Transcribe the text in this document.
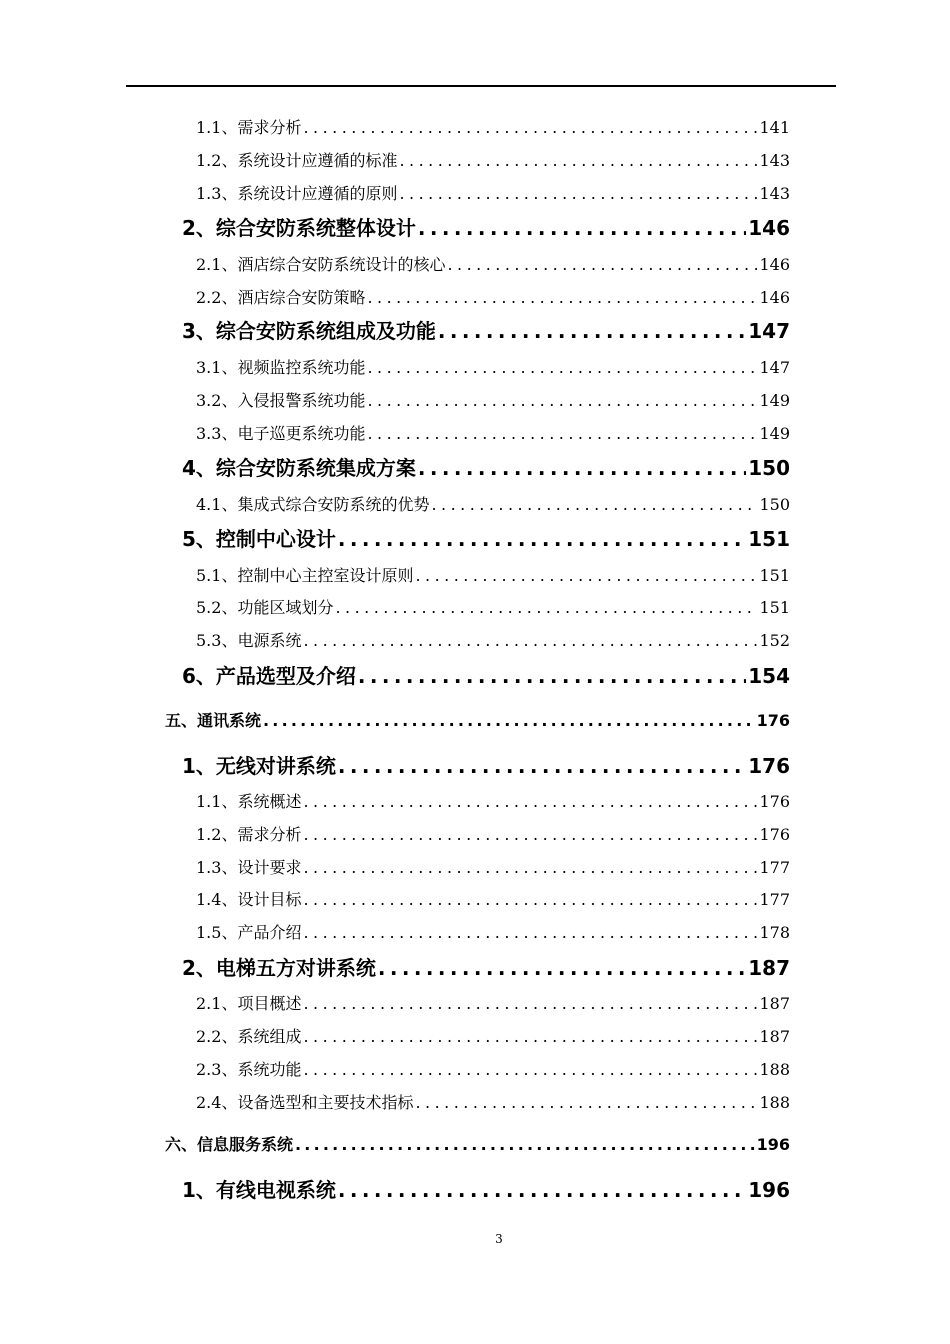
1.1、需求分析 .....	141
1.2、系统设计应遵循的标准 .....	143
1.3、系统设计应遵循的原则 .....	143
2、综合安防系统整体设计 .....	146
2.1、酒店综合安防系统设计的核心 .....	146
2.2、酒店综合安防策略 .....	146
3、综合安防系统组成及功能 .....	147
3.1、视频监控系统功能 .....	147
3.2、入侵报警系统功能 .....	149
3.3、电子巡更系统功能 .....	149
4、综合安防系统集成方案 .....	150
4.1、集成式综合安防系统的优势 .....	150
5、控制中心设计 .....	151
5.1、控制中心主控室设计原则 .....	151
5.2、功能区域划分 .....	151
5.3、电源系统 .....	152
6、产品选型及介绍 .....	154
五、通讯系统 .....	176
1、无线对讲系统 .....	176
1.1、系统概述 .....	176
1.2、需求分析 .....	176
1.3、设计要求 .....	177
1.4、设计目标 .....	177
1.5、产品介绍 .....	178
2、电梯五方对讲系统 .....	187
2.1、项目概述 .....	187
2.2、系统组成 .....	187
2.3、系统功能 .....	188
2.4、设备选型和主要技术指标 .....	188
六、信息服务系统 .....	196
1、有线电视系统 .....	196
3
